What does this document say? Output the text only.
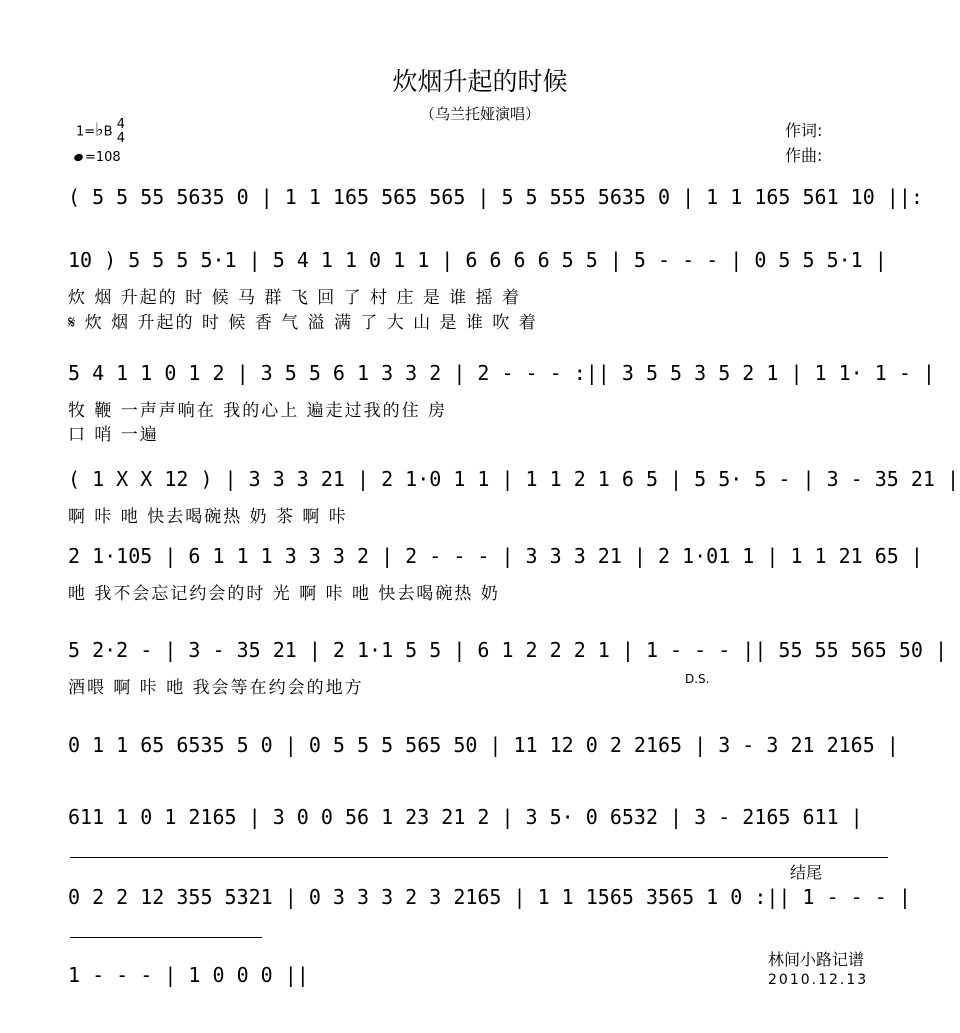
炊烟升起的时候
（乌兰托娅演唱）
1=♭B 4
4
=108
作词:
作曲:
( 5 5 55 5635 0 | 1 1 165 565 565 | 5 5 555 5635 0 | 1 1 165 561 10 ||:
10 ) 5 5 5 5·1 | 5 4 1 1 0 1 1 | 6 6 6 6 5 5 | 5 - - - | 0 5 5 5·1 |
炊 烟 升起的 时 候 马 群 飞 回 了 村 庄 是 谁 摇 着
𝄋 炊 烟 升起的 时 候 香 气 溢 满 了 大 山 是 谁 吹 着
5 4 1 1 0 1 2 | 3 5 5 6 1 3 3 2 | 2 - - - :|| 3 5 5 3 5 2 1 | 1 1· 1 - |
牧 鞭 一声声响在 我的心上 遍走过我的住 房
口 哨 一遍
( 1 X X 12 ) | 3 3 3 21 | 2 1·0 1 1 | 1 1 2 1 6 5 | 5 5· 5 - | 3 - 35 21 |
啊 咔 吔 快去喝碗热 奶 茶 啊 咔
2 1·105 | 6 1 1 1 3 3 3 2 | 2 - - - | 3 3 3 21 | 2 1·01 1 | 1 1 21 65 |
吔 我不会忘记约会的时 光 啊 咔 吔 快去喝碗热 奶
5 2·2 - | 3 - 35 21 | 2 1·1 5 5 | 6 1 2 2 2 1 | 1 - - - || 55 55 565 50 |
酒喂 啊 咔 吔 我会等在约会的地方	D.S.
0 1 1 65 6535 5 0 | 0 5 5 5 565 50 | 11 12 0 2 2165 | 3 - 3 21 2165 |
611 1 0 1 2165 | 3 0 0 56 1 23 21 2 | 3 5· 0 6532 | 3 - 2165 611 |
结尾
0 2 2 12 355 5321 | 0 3 3 3 2 3 2165 | 1 1 1565 3565 1 0 :|| 1 - - - |
1 - - - | 1 0 0 0 ||
林间小路记谱
2010.12.13
